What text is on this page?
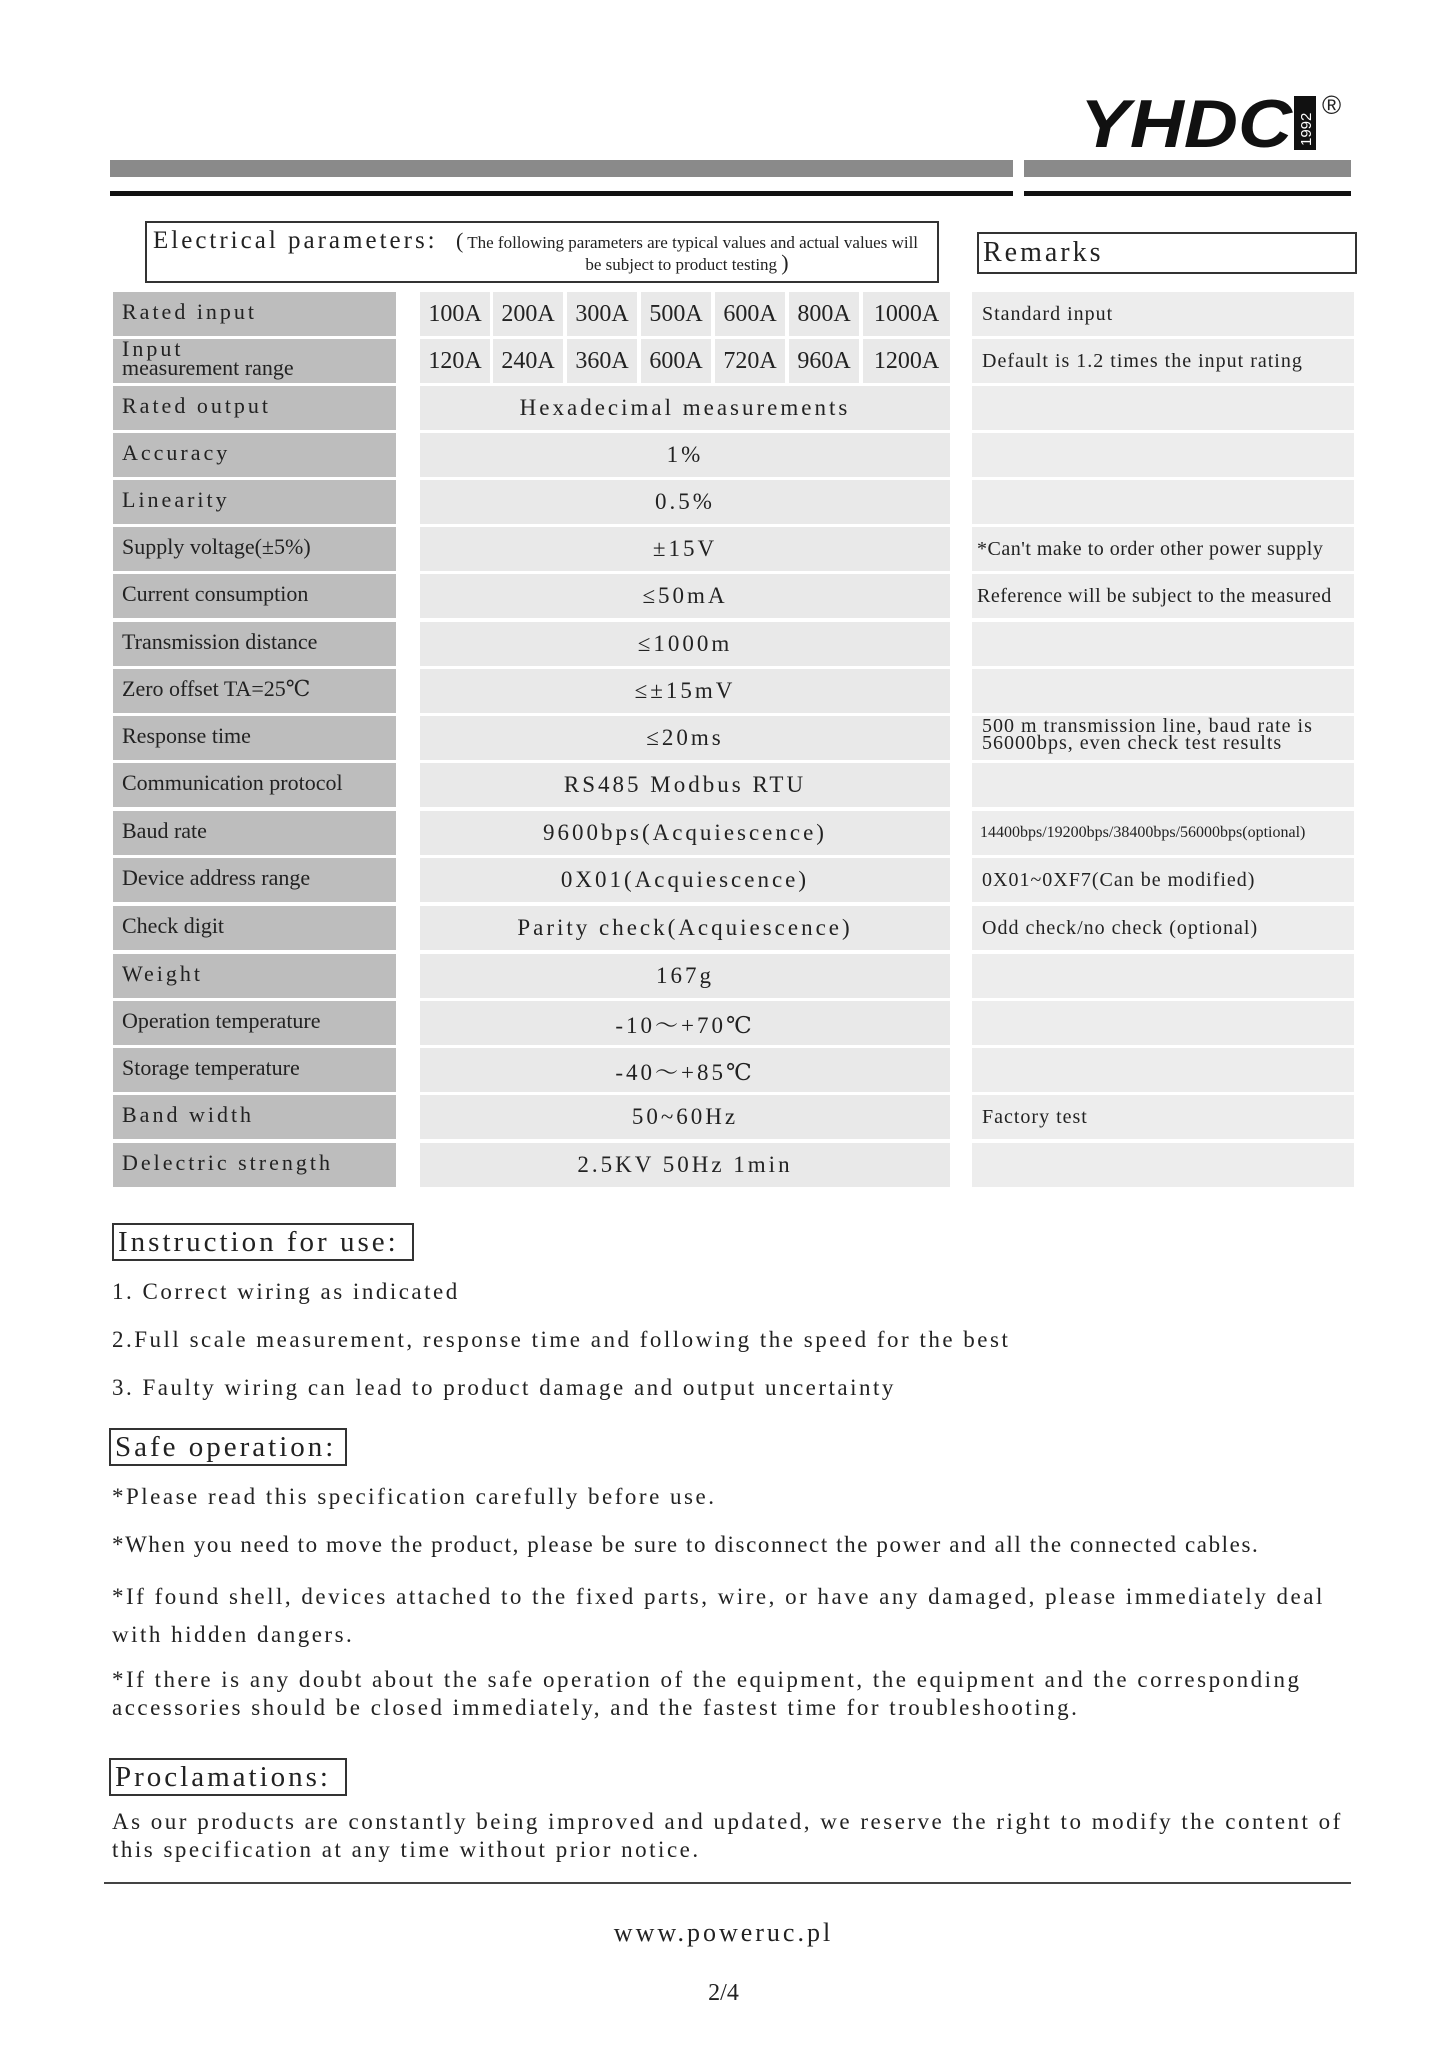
YHDC 1992
®
Electrical parameters: ( The following parameters are typical values and actual values will be subject to product testing )	Remarks
Rated input	100A 200A 300A 500A 600A 800A 1000A	Standard input
Input
measurement range	120A 240A 360A 600A 720A 960A 1200A	Default is 1.2 times the input rating
Rated output	Hexadecimal measurements
Accuracy	1%
Linearity	0.5%
Supply voltage(±5%)	±15V	*Can't make to order other power supply
Current consumption	≤50mA	Reference will be subject to the measured
Transmission distance	≤1000m
Zero offset TA=25℃	≤±15mV
Response time	≤20ms	500 m transmission line, baud rate is
56000bps, even check test results
Communication protocol	RS485 Modbus RTU
Baud rate	9600bps(Acquiescence)	14400bps/19200bps/38400bps/56000bps(optional)
Device address range	0X01(Acquiescence)	0X01~0XF7(Can be modified)
Check digit	Parity check(Acquiescence)	Odd check/no check (optional)
Weight	167g
Operation temperature	-10～+70℃
Storage temperature	-40～+85℃
Band width	50~60Hz	Factory test
Delectric strength	2.5KV 50Hz 1min
Instruction for use:
1. Correct wiring as indicated
2.Full scale measurement, response time and following the speed for the best
3. Faulty wiring can lead to product damage and output uncertainty
Safe operation:
*Please read this specification carefully before use.
*When you need to move the product, please be sure to disconnect the power and all the connected cables.
*If found shell, devices attached to the fixed parts, wire, or have any damaged, please immediately deal with hidden dangers.
*If there is any doubt about the safe operation of the equipment, the equipment and the corresponding accessories should be closed immediately, and the fastest time for troubleshooting.
Proclamations:
As our products are constantly being improved and updated, we reserve the right to modify the content of this specification at any time without prior notice.
www.poweruc.pl
2/4
